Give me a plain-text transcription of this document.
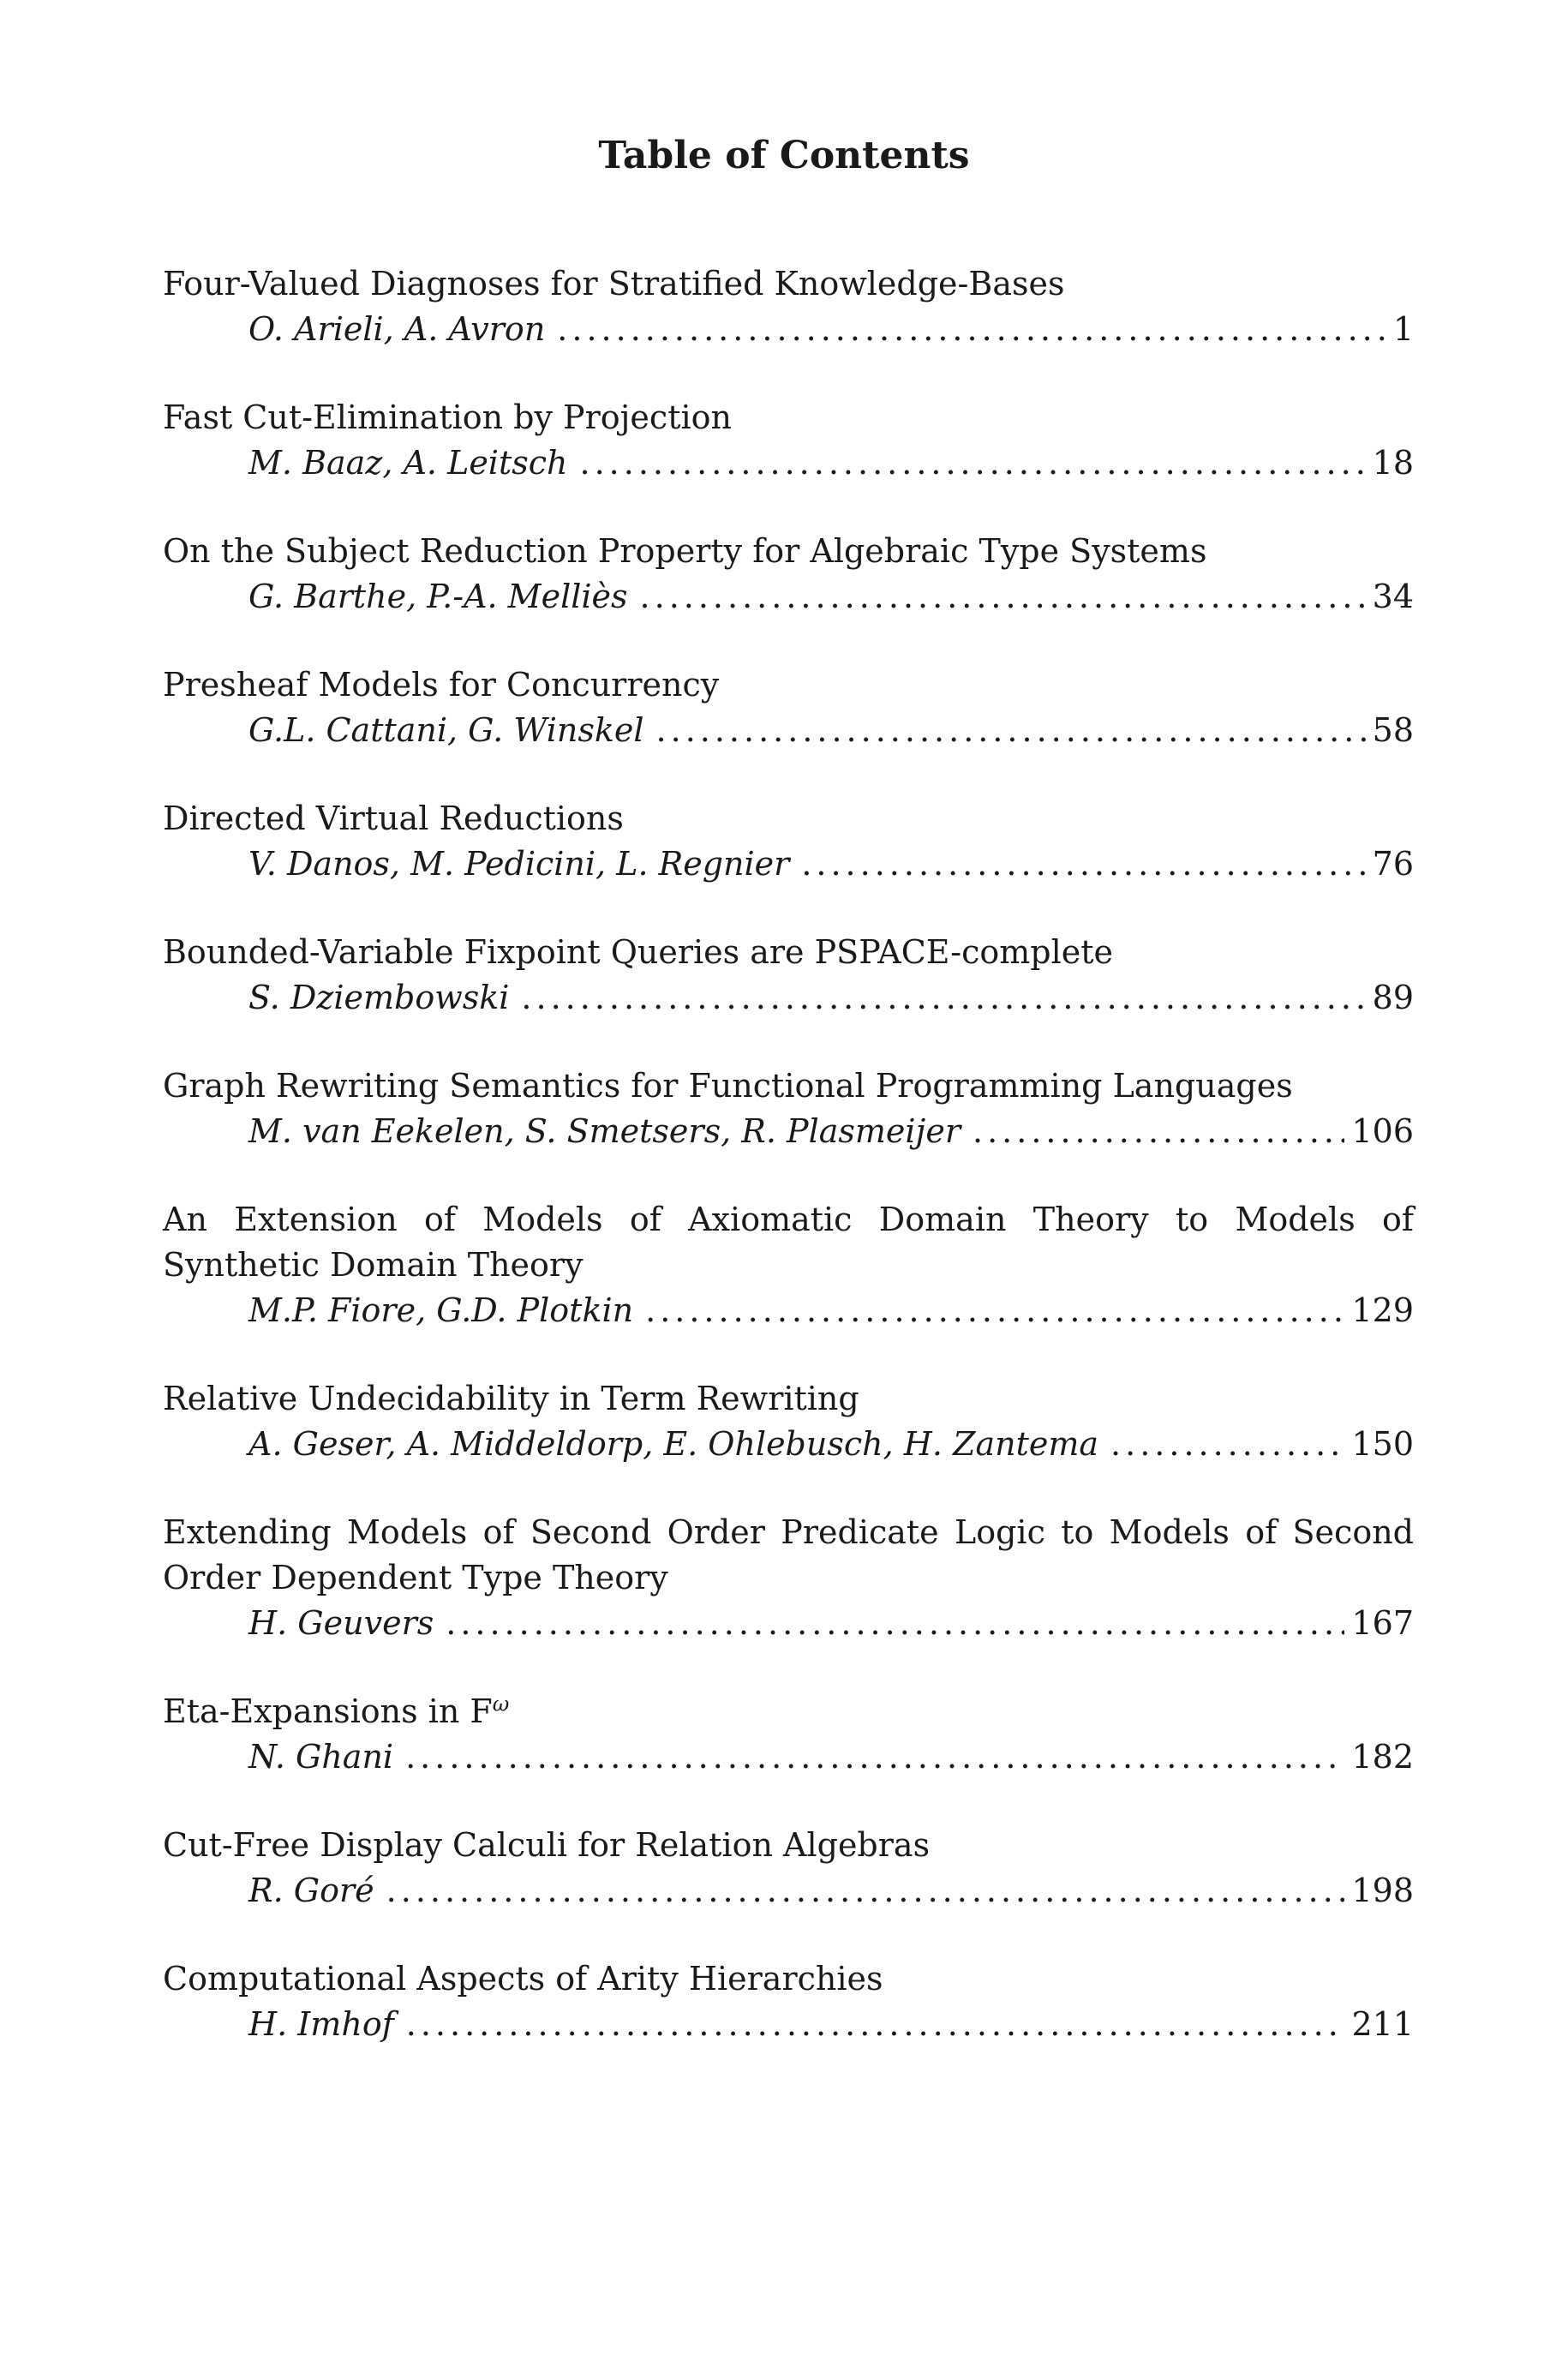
Table of Contents

Four-Valued Diagnoses for Stratified Knowledge-Bases

O. Arieli, A. Avron .....	1

Fast Cut-Elimination by Projection

M. Baaz, A. Leitsch .....	18

On the Subject Reduction Property for Algebraic Type Systems

G. Barthe, P.-A. Melliès .....	34

Presheaf Models for Concurrency

G.L. Cattani, G. Winskel .....	58

Directed Virtual Reductions

V. Danos, M. Pedicini, L. Regnier .....	76

Bounded-Variable Fixpoint Queries are PSPACE-complete

S. Dziembowski .....	89

Graph Rewriting Semantics for Functional Programming Languages

M. van Eekelen, S. Smetsers, R. Plasmeijer .....	106

An Extension of Models of Axiomatic Domain Theory to Models of Synthetic Domain Theory

M.P. Fiore, G.D. Plotkin .....	129

Relative Undecidability in Term Rewriting

A. Geser, A. Middeldorp, E. Ohlebusch, H. Zantema .....	150

Extending Models of Second Order Predicate Logic to Models of Second Order Dependent Type Theory

H. Geuvers .....	167

Eta-Expansions in $F^\omega$

N. Ghani .....	182

Cut-Free Display Calculi for Relation Algebras

R. Goré .....	198

Computational Aspects of Arity Hierarchies

H. Imhof .....	211
